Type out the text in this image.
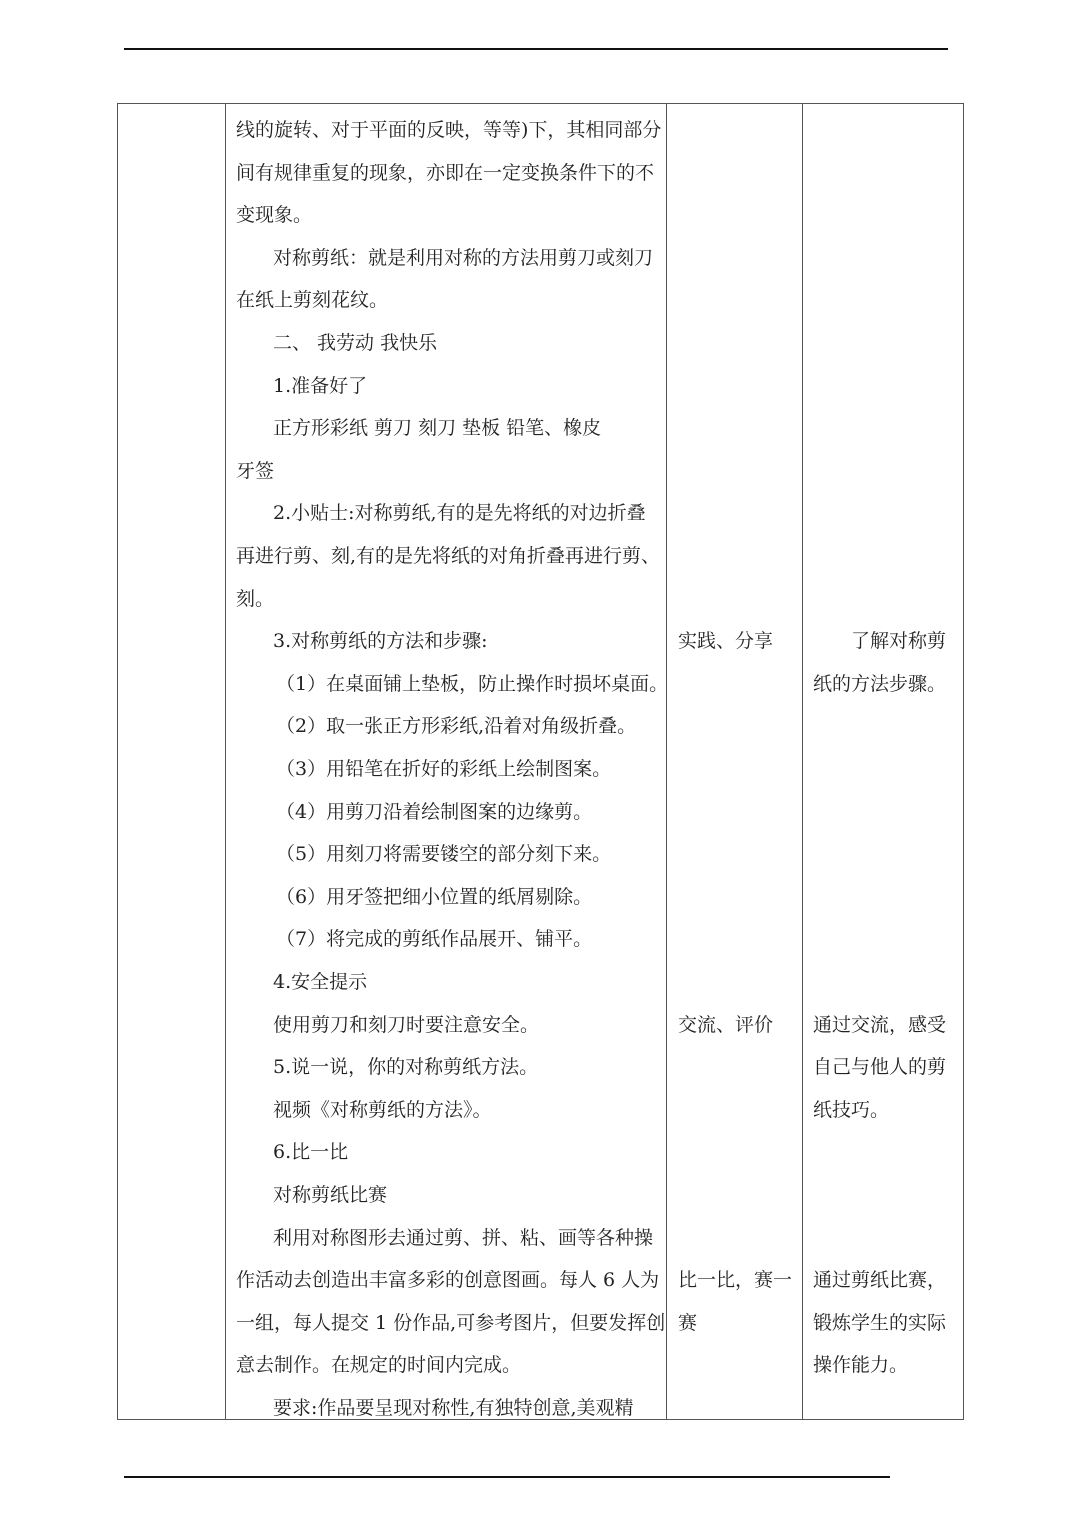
线的旋转、对于平面的反映，等等)下，其相同部分
间有规律重复的现象，亦即在一定变换条件下的不
变现象。
对称剪纸：就是利用对称的方法用剪刀或刻刀
在纸上剪刻花纹。
二、 我劳动 我快乐
1.准备好了
正方形彩纸 剪刀 刻刀 垫板 铅笔、橡皮
牙签
2.小贴士:对称剪纸,有的是先将纸的对边折叠
再进行剪、刻,有的是先将纸的对角折叠再进行剪、
刻。
3.对称剪纸的方法和步骤:
（1）在桌面铺上垫板，防止操作时损坏桌面。
（2）取一张正方形彩纸,沿着对角级折叠。
（3）用铅笔在折好的彩纸上绘制图案。
（4）用剪刀沿着绘制图案的边缘剪。
（5）用刻刀将需要镂空的部分刻下来。
（6）用牙签把细小位置的纸屑剔除。
（7）将完成的剪纸作品展开、铺平。
4.安全提示
使用剪刀和刻刀时要注意安全。
5.说一说，你的对称剪纸方法。
视频《对称剪纸的方法》。
6.比一比
对称剪纸比赛
利用对称图形去通过剪、拼、粘、画等各种操
作活动去创造出丰富多彩的创意图画。每人 6 人为
一组，每人提交 1 份作品,可参考图片，但要发挥创
意去制作。在规定的时间内完成。
要求:作品要呈现对称性,有独特创意,美观精
实践、分享
交流、评价
比一比，赛一
赛
了解对称剪
纸的方法步骤。
通过交流，感受
自己与他人的剪
纸技巧。
通过剪纸比赛，
锻炼学生的实际
操作能力。
